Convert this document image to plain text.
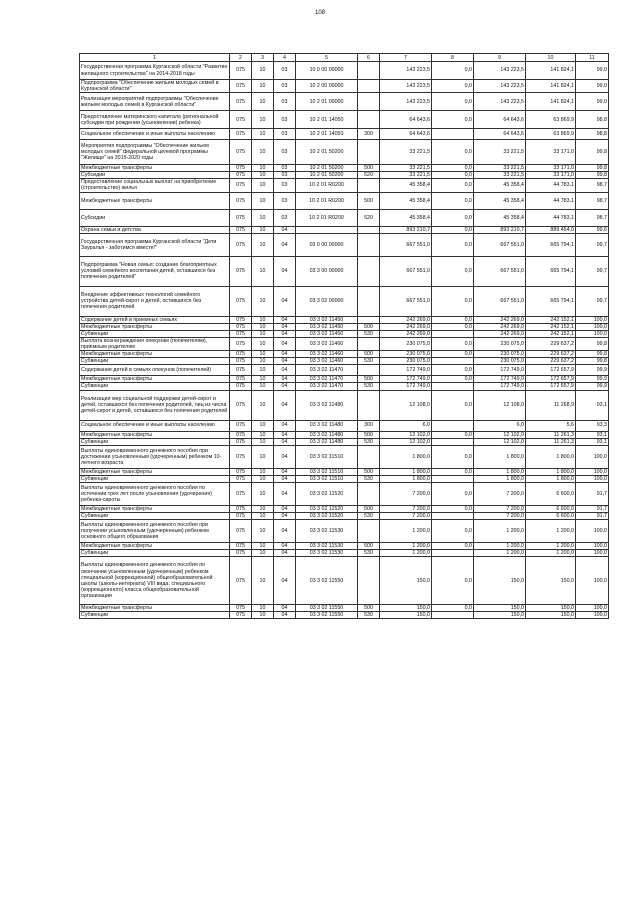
108
1	2	3	4	5	6	7	8	9	10	11
Государственная программа Курганской области "Развитие жилищного строительства" на 2014-2018 годы	075	10	03	10 0 00 00000		143 223,5	0,0	143 223,5	141 824,1	99,0
Подпрограмма "Обеспечение жильем молодых семей в Курганской области"	075	10	03	10 2 00 00000		143 223,5	0,0	143 223,5	141 824,1	99,0
Реализация мероприятий подпрограммы "Обеспечение жильем молодых семей в Курганской области"	075	10	03	10 2 01 00000		143 223,5	0,0	143 223,5	141 824,1	99,0
Предоставление материнского капитала (региональной субсидии при рождении (усыновлении) ребенка)	075	10	03	10 2 01 14050		64 643,6	0,0	64 643,6	63 869,9	98,8
Социальное обеспечение и иные выплаты населению	075	10	03	10 2 01 14050	300	64 643,6		64 643,6	63 869,9	98,8
Мероприятия подпрограммы "Обеспечение жильем молодых семей" федеральной целевой программы "Жилище" на 2015-2020 годы	075	10	03	10 2 01 50200		33 221,5	0,0	33 221,5	33 171,0	99,8
Межбюджетные трансферты	075	10	03	10 2 01 50200	500	33 221,5	0,0	33 221,5	33 171,0	99,8
Субсидии	075	10	03	10 2 01 50200	520	33 221,5	0,0	33 221,5	33 171,0	99,8
Предоставление социальных выплат на приобретение (строительство) жилья	075	10	03	10 2 01 R0200		45 358,4	0,0	45 358,4	44 783,1	98,7
Межбюджетные трансферты	075	10	03	10 2 01 R0200	500	45 358,4	0,0	45 358,4	44 783,1	98,7
Субсидии	075	10	03	10 2 01 R0200	520	45 358,4	0,0	45 358,4	44 783,1	98,7
Охрана семьи и детства	075	10	04			893 210,7	0,0	893 210,7	889 454,0	99,6
Государственная программа Курганской области "Дети Зауралья - заботимся вместе!"	075	10	04	03 0 00 00000		667 551,0	0,0	667 551,0	665 794,1	99,7
Подпрограмма "Новая семья: создание благоприятных условий семейного воспитания детей, оставшихся без попечения родителей"	075	10	04	03 3 00 00000		667 551,0	0,0	667 551,0	665 794,1	99,7
Внедрение эффективных технологий семейного устройства детей-сирот и детей, оставшихся без попечения родителей	075	10	04	03 3 02 00000		667 551,0	0,0	667 551,0	665 794,1	99,7
Содержание детей в приемных семьях	075	10	04	03 3 02 11450		242 269,0	0,0	242 269,0	242 152,1	100,0
Межбюджетные трансферты	075	10	04	03 3 02 11450	500	242 269,0	0,0	242 269,0	242 152,1	100,0
Субвенции	075	10	04	03 3 02 11450	530	242 269,0		242 269,0	242 152,1	100,0
Выплата вознаграждения опекунам (попечителям), приемным родителям	075	10	04	03 3 02 11460		230 075,0	0,0	230 075,0	229 637,2	99,8
Межбюджетные трансферты	075	10	04	03 3 02 11460	500	230 075,0	0,0	230 075,0	229 637,2	99,8
Субвенции	075	10	04	03 3 02 11460	530	230 075,0		230 075,0	229 637,2	99,8
Содержание детей в семьях опекунов (попечителей)	075	10	04	03 3 02 11470		172 749,0	0,0	172 749,0	172 657,9	99,9
Межбюджетные трансферты	075	10	04	03 3 02 11470	500	172 749,0	0,0	172 749,0	172 657,9	99,9
Субвенции	075	10	04	03 3 02 11470	530	172 749,0		172 749,0	172 657,9	99,9
Реализация мер социальной поддержки детей-сирот и детей, оставшихся без попечения родителей, лиц из числа детей-сирот и детей, оставшихся без попечения родителей	075	10	04	03 3 02 11480		12 108,0	0,0	12 108,0	11 268,9	93,1
Социальное обеспечение и иные выплаты населению	075	10	04	03 3 02 11480	300	6,0		6,0	5,6	93,3
Межбюджетные трансферты	075	10	04	03 3 02 11480	500	12 102,0	0,0	12 102,0	11 261,3	93,1
Субвенции	075	10	04	03 3 02 11480	530	12 102,0		12 102,0	11 261,3	93,1
Выплаты единовременного денежного пособия при достижении усыновленным (удочеренным) ребенком 10-летнего возраста	075	10	04	03 3 02 11510		1 800,0	0,0	1 800,0	1 800,0	100,0
Межбюджетные трансферты	075	10	04	03 3 02 11510	500	1 800,0	0,0	1 800,0	1 800,0	100,0
Субвенции	075	10	04	03 3 02 11510	530	1 800,0		1 800,0	1 800,0	100,0
Выплаты единовременного денежного пособия по истечении трех лет после усыновления (удочерения) ребенка-сироты	075	10	04	03 3 02 11520		7 200,0	0,0	7 200,0	6 600,0	91,7
Межбюджетные трансферты	075	10	04	03 3 02 11520	500	7 200,0	0,0	7 200,0	6 600,0	91,7
Субвенции	075	10	04	03 3 02 11520	530	7 200,0		7 200,0	6 600,0	91,7
Выплаты единовременного денежного пособия при получении усыновленным (удочеренным) ребенком основного общего образования	075	10	04	03 3 02 11530		1 200,0	0,0	1 200,0	1 200,0	100,0
Межбюджетные трансферты	075	10	04	03 3 02 11530	500	1 200,0	0,0	1 200,0	1 200,0	100,0
Субвенции	075	10	04	03 3 02 11530	530	1 200,0		1 200,0	1 200,0	100,0
Выплаты единовременного денежного пособия по окончании усыновленным (удочеренным) ребенком специальной (коррекционной) общеобразовательной школы (школы-интерната) VIII вида, специального (коррекционного) класса общеобразовательной организации	075	10	04	03 3 02 11550		150,0	0,0	150,0	150,0	100,0
Межбюджетные трансферты	075	10	04	03 3 02 11550	500	150,0	0,0	150,0	150,0	100,0
Субвенции	075	10	04	03 3 02 11550	530	150,0		150,0	150,0	100,0
